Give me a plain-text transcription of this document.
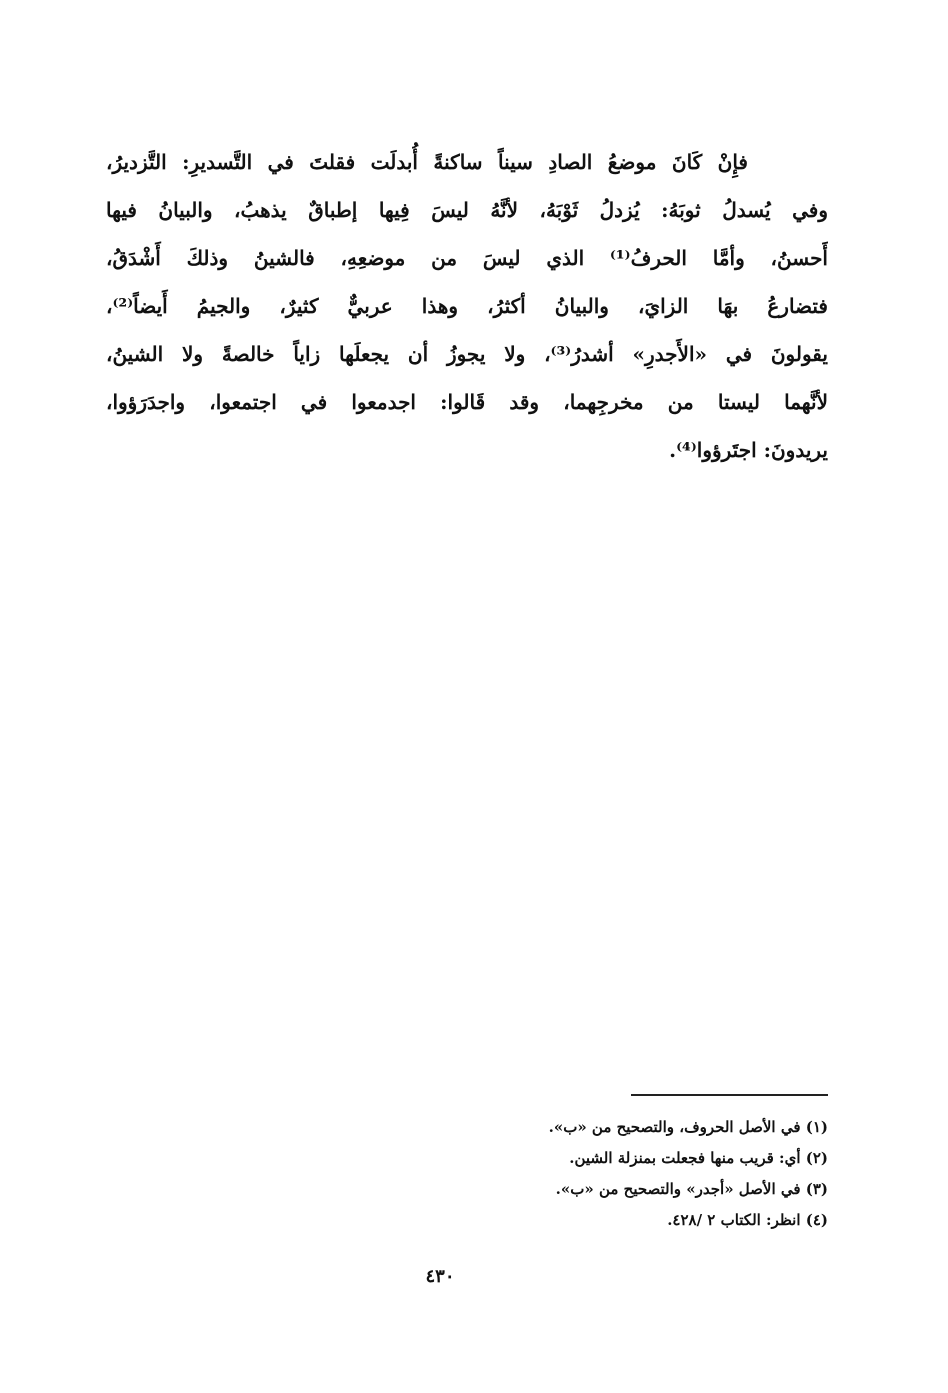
فإِنْ كَانَ موضعُ الصادِ سيناً ساكنةً أُبدلَت فقلتَ في التَّسديرِ: التَّزديرُ،
وفي يُسدلُ ثوبَهُ: يُزدلُ ثَوْبَهُ، لأنَّهُ ليسَ فِيها إطباقٌ يذهبُ، والبيانُ فيها
أَحسنُ، وأمَّا الحرفُ⁽¹⁾ الذي ليسَ من موضعِهِ، فالشينُ وذلكَ أَشْدَقُ،
فتضارعُ بهَا الزايَ، والبيانُ أكثرُ، وهذا عربيٌّ كثيرٌ، والجيمُ أَيضاً⁽²⁾،
يقولونَ في «الأَجدرِ» أشدرُ⁽³⁾، ولا يجوزُ أن يجعلَها زاياً خالصةً ولا الشينُ،
لأنَّهما ليستا من مخرجِهما، وقد قَالوا: اجدمعوا في اجتمعوا، واجدَرَؤوا،
يريدونَ: اجتَرؤوا⁽⁴⁾.
(١) في الأصل الحروف، والتصحيح من «ب».
(٢) أي: قريب منها فجعلت بمنزلة الشين.
(٣) في الأصل «أجدر» والتصحيح من «ب».
(٤) انظر: الكتاب ٢ /٤٢٨.
٤٣٠
